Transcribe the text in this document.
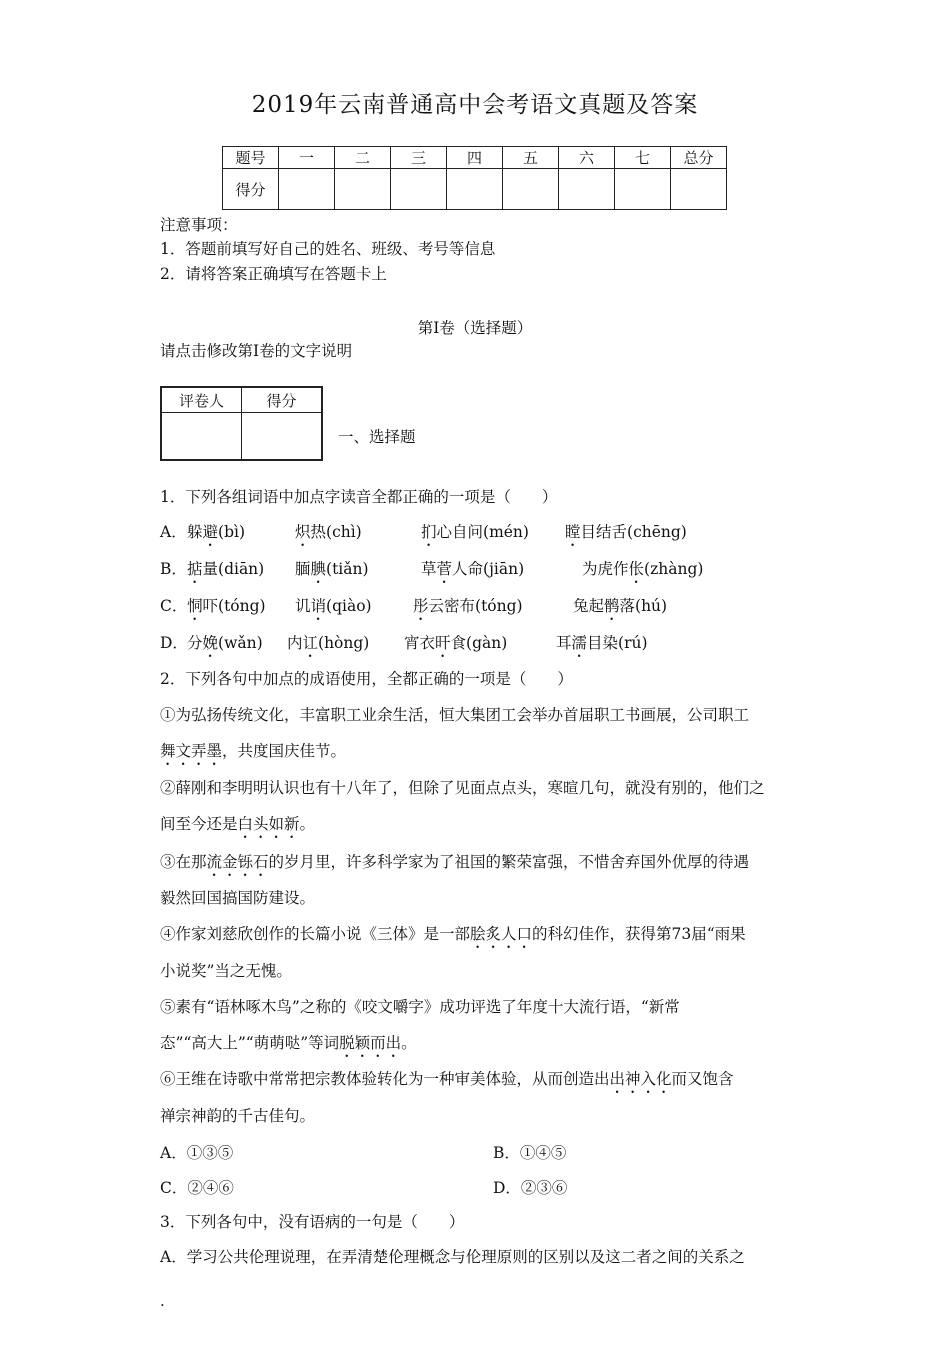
2019年云南普通高中会考语文真题及答案
题号	一	二	三	四	五	六	七	总分
得分								
注意事项：
1．答题前填写好自己的姓名、班级、考号等信息
2．请将答案正确填写在答题卡上
第I卷（选择题）
请点击修改第I卷的文字说明
评卷人	得分

一、选择题
1．下列各组词语中加点字读音全都正确的一项是（　　）
A． 躲避(bì)	炽热(chì)	扪心自问(mén) 瞠目结舌(chēng)
B． 掂量(diān) 腼腆(tiǎn)	草菅人命(jiān)	为虎作伥(zhàng)
C． 恫吓(tóng) 讥诮(qiào)	彤云密布(tóng)	兔起鹘落(hú)
D． 分娩(wǎn) 内讧(hòng) 宵衣旰食(gàn)	耳濡目染(rú)
2．下列各句中加点的成语使用，全都正确的一项是（　　）
①为弘扬传统文化，丰富职工业余生活，恒大集团工会举办首届职工书画展，公司职工
舞文弄墨，共度国庆佳节。
②薛刚和李明明认识也有十八年了，但除了见面点点头，寒暄几句，就没有别的，他们之
间至今还是白头如新。
③在那流金铄石的岁月里，许多科学家为了祖国的繁荣富强，不惜舍弃国外优厚的待遇
毅然回国搞国防建设。
④作家刘慈欣创作的长篇小说《三体》是一部脍炙人口的科幻佳作，获得第73届“雨果
小说奖”当之无愧。
⑤素有“语林啄木鸟”之称的《咬文嚼字》成功评选了年度十大流行语，“新常
态”“高大上”“萌萌哒”等词脱颖而出。
⑥王维在诗歌中常常把宗教体验转化为一种审美体验，从而创造出出神入化而又饱含
禅宗神韵的千古佳句。
A．①③⑤	B．①④⑤
C．②④⑥	D．②③⑥
3．下列各句中，没有语病的一句是（　　）
A．学习公共伦理说理，在弄清楚伦理概念与伦理原则的区别以及这二者之间的关系之
.
